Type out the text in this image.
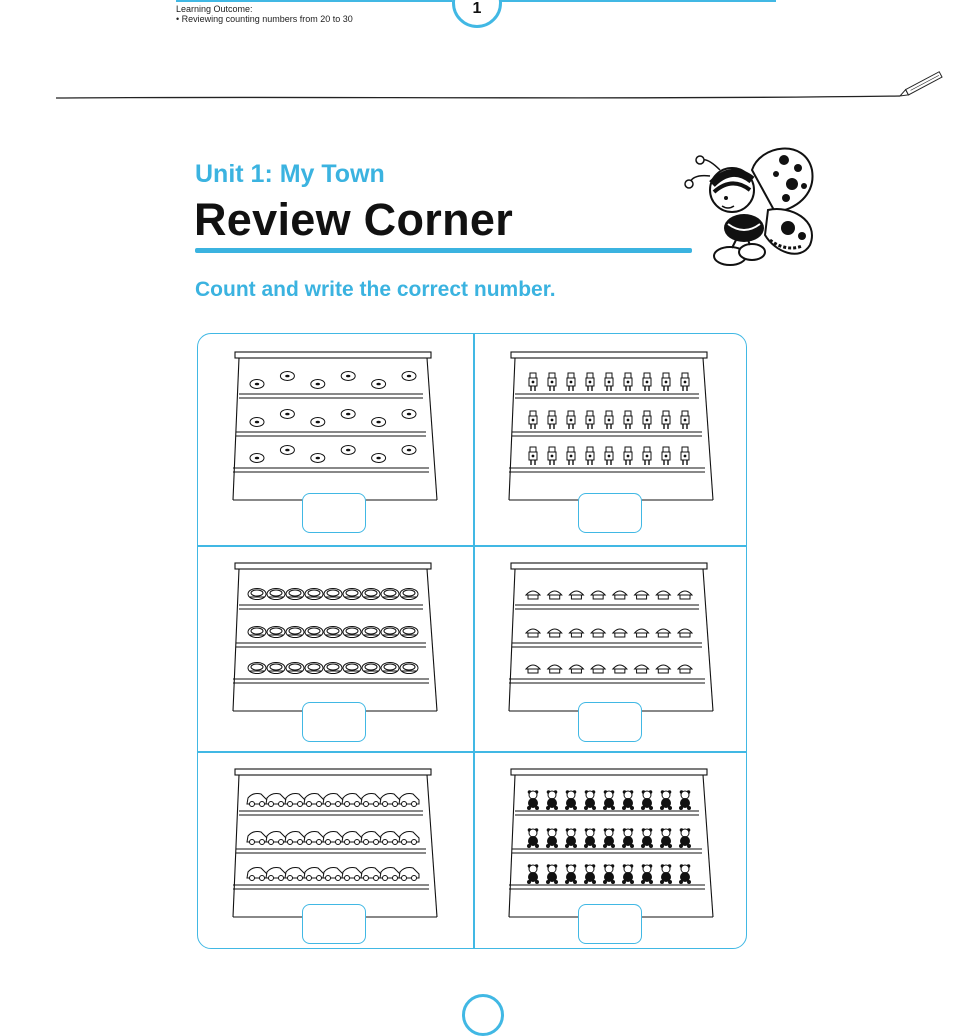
1
Learning Outcome:
• Reviewing counting numbers from 20 to 30
Unit 1: My Town
Review Corner
Count and write the correct number.
